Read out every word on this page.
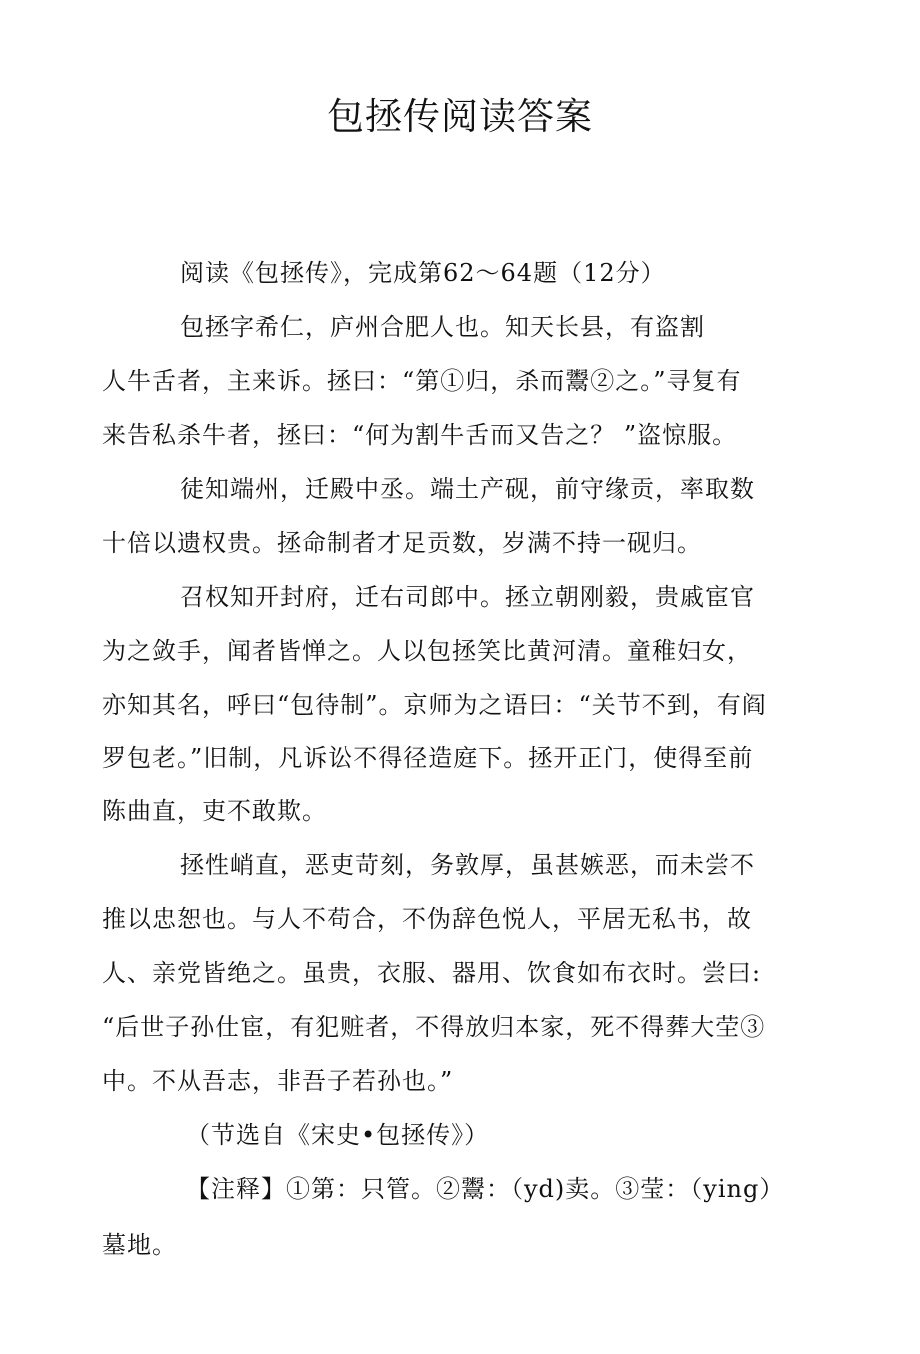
包拯传阅读答案
阅读《包拯传》，完成第62～64题（12分）
包拯字希仁，庐州合肥人也。知天长县，有盗割
人牛舌者，主来诉。拯曰：“第①归，杀而鬻②之。”寻复有
来告私杀牛者，拯曰：“何为割牛舌而又告之？ ”盗惊服。
徒知端州，迁殿中丞。端土产砚，前守缘贡，率取数
十倍以遗权贵。拯命制者才足贡数，岁满不持一砚归。
召权知开封府，迁右司郎中。拯立朝刚毅，贵戚宦官
为之敛手，闻者皆惮之。人以包拯笑比黄河清。童稚妇女，
亦知其名，呼曰“包待制”。京师为之语曰：“关节不到，有阎
罗包老。”旧制，凡诉讼不得径造庭下。拯开正门，使得至前
陈曲直，吏不敢欺。
拯性峭直，恶吏苛刻，务敦厚，虽甚嫉恶，而未尝不
推以忠恕也。与人不苟合，不伪辞色悦人，平居无私书，故
人、亲党皆绝之。虽贵，衣服、器用、饮食如布衣时。尝曰:
“后世子孙仕宦，有犯赃者，不得放归本家，死不得葬大茔③
中。不从吾志，非吾子若孙也。”
（节选自《宋史•包拯传》）
【注释】①第：只管。②鬻：（yd)卖。③莹：（ying）
墓地。
